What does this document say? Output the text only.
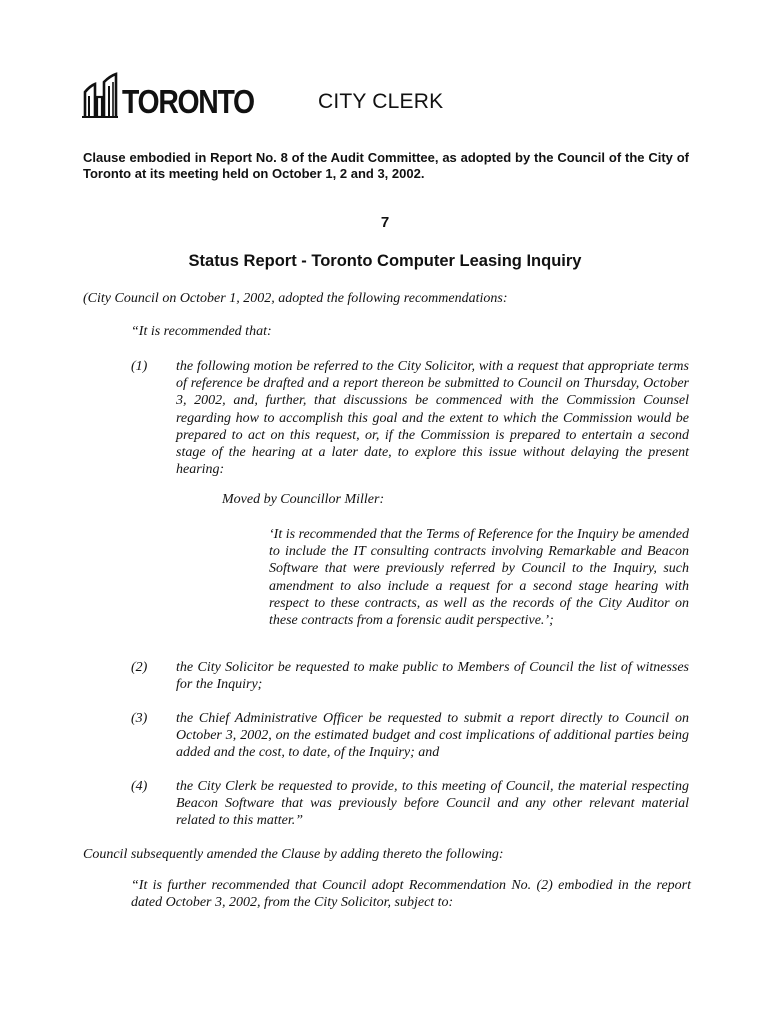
TORONTO	CITY CLERK
Clause embodied in Report No. 8 of the Audit Committee, as adopted by the Council of the City of Toronto at its meeting held on October 1, 2 and 3, 2002.
7
Status Report - Toronto Computer Leasing Inquiry

(City Council on October 1, 2002, adopted the following recommendations:

“It is recommended that:

(1)	the following motion be referred to the City Solicitor, with a request that appropriate terms of reference be drafted and a report thereon be submitted to Council on Thursday, October 3, 2002, and, further, that discussions be commenced with the Commission Counsel regarding how to accomplish this goal and the extent to which the Commission would be prepared to act on this request, or, if the Commission is prepared to entertain a second stage of the hearing at a later date, to explore this issue without delaying the present hearing:

Moved by Councillor Miller:

‘It is recommended that the Terms of Reference for the Inquiry be amended to include the IT consulting contracts involving Remarkable and Beacon Software that were previously referred by Council to the Inquiry, such amendment to also include a request for a second stage hearing with respect to these contracts, as well as the records of the City Auditor on these contracts from a forensic audit perspective.’;

(2)	the City Solicitor be requested to make public to Members of Council the list of witnesses for the Inquiry;

(3)	the Chief Administrative Officer be requested to submit a report directly to Council on October 3, 2002, on the estimated budget and cost implications of additional parties being added and the cost, to date, of the Inquiry; and

(4)	the City Clerk be requested to provide, to this meeting of Council, the material respecting Beacon Software that was previously before Council and any other relevant material related to this matter.”

Council subsequently amended the Clause by adding thereto the following:

“It is further recommended that Council adopt Recommendation No. (2) embodied in the report dated October 3, 2002, from the City Solicitor, subject to:
